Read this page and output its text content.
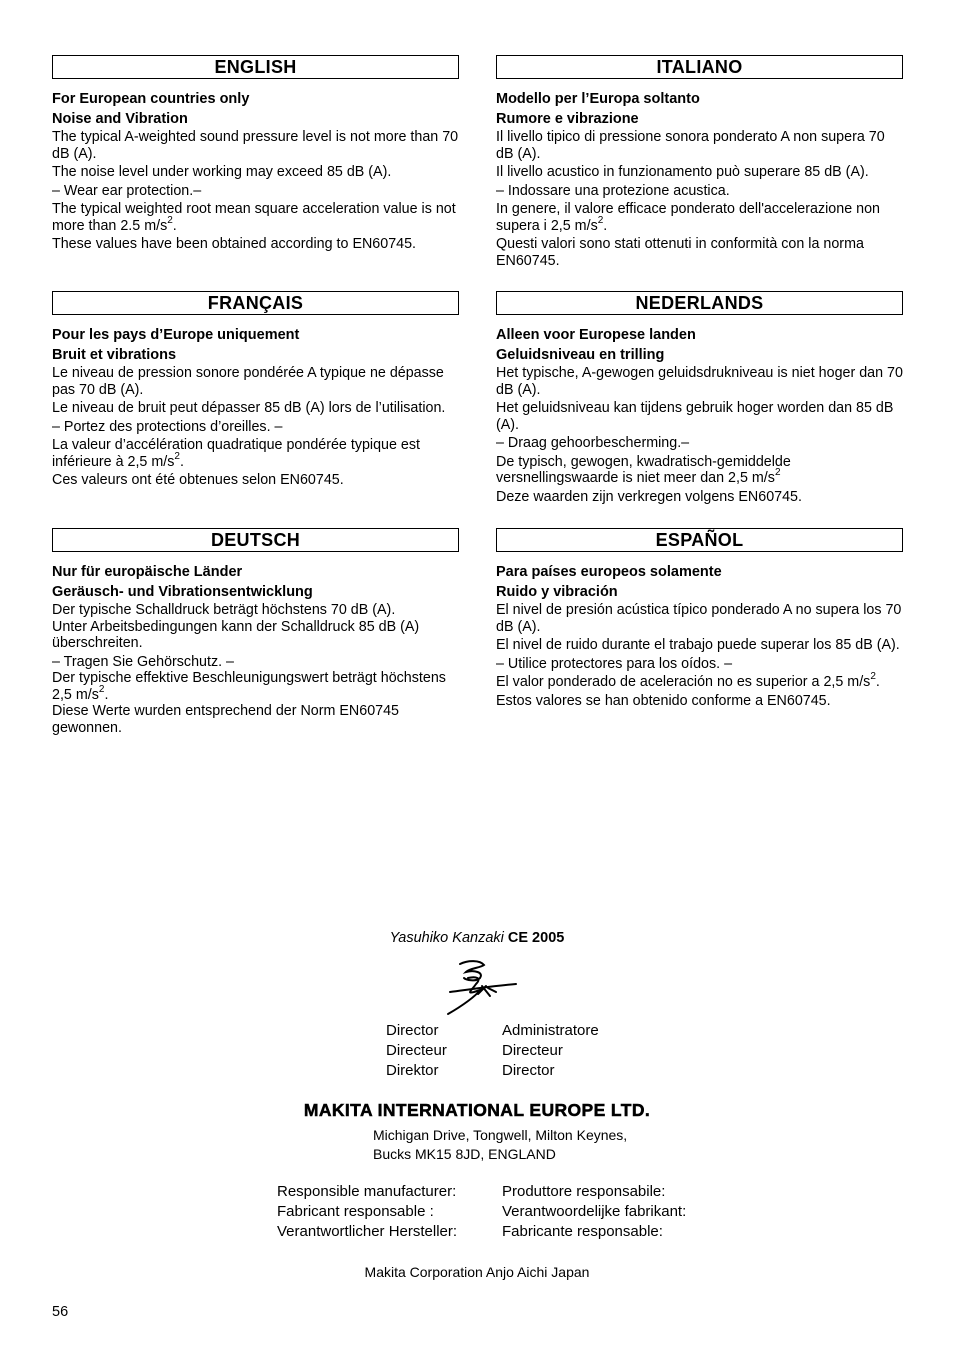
ENGLISH
For European countries only
Noise and Vibration
The typical A-weighted sound pressure level is not more than 70 dB (A).
The noise level under working may exceed 85 dB (A).
– Wear ear protection.–
The typical weighted root mean square acceleration value is not more than 2.5 $m/s^2$.
These values have been obtained according to EN60745.
ITALIANO
Modello per l’Europa soltanto
Rumore e vibrazione
Il livello tipico di pressione sonora ponderato A non supera 70 dB (A).
Il livello acustico in funzionamento può superare 85 dB (A).
– Indossare una protezione acustica.
In genere, il valore efficace ponderato dell'accelerazione non supera i 2,5 $m/s^2$.
Questi valori sono stati ottenuti in conformità con la norma EN60745.
FRANÇAIS
Pour les pays d’Europe uniquement
Bruit et vibrations
Le niveau de pression sonore pondérée A typique ne dépasse pas 70 dB (A).
Le niveau de bruit peut dépasser 85 dB (A) lors de l’utilisation.
– Portez des protections d’oreilles. –
La valeur d’accélération quadratique pondérée typique est inférieure à 2,5 $m/s^2$.
Ces valeurs ont été obtenues selon EN60745.
NEDERLANDS
Alleen voor Europese landen
Geluidsniveau en trilling
Het typische, A-gewogen geluidsdrukniveau is niet hoger dan 70 dB (A).
Het geluidsniveau kan tijdens gebruik hoger worden dan 85 dB (A).
– Draag gehoorbescherming.–
De typisch, gewogen, kwadratisch-gemiddelde versnellingswaarde is niet meer dan 2,5 $m/s^2$
Deze waarden zijn verkregen volgens EN60745.
DEUTSCH
Nur für europäische Länder
Geräusch- und Vibrationsentwicklung
Der typische Schalldruck beträgt höchstens 70 dB (A).
Unter Arbeitsbedingungen kann der Schalldruck 85 dB (A) überschreiten.
– Tragen Sie Gehörschutz. –
Der typische effektive Beschleunigungswert beträgt höchstens 2,5 $m/s^2$.
Diese Werte wurden entsprechend der Norm EN60745 gewonnen.
ESPAÑOL
Para países europeos solamente
Ruido y vibración
El nivel de presión acústica típico ponderado A no supera los 70 dB (A).
El nivel de ruido durante el trabajo puede superar los 85 dB (A).
– Utilice protectores para los oídos. –
El valor ponderado de aceleración no es superior a 2,5 $m/s^2$.
Estos valores se han obtenido conforme a EN60745.
Yasuhiko Kanzaki CE 2005
Director
Directeur
Direktor
Administratore
Directeur
Director
MAKITA INTERNATIONAL EUROPE LTD.
Michigan Drive, Tongwell, Milton Keynes,
Bucks MK15 8JD, ENGLAND
Responsible manufacturer:
Fabricant responsable :
Verantwortlicher Hersteller:
Produttore responsabile:
Verantwoordelijke fabrikant:
Fabricante responsable:
Makita Corporation Anjo Aichi Japan
56
